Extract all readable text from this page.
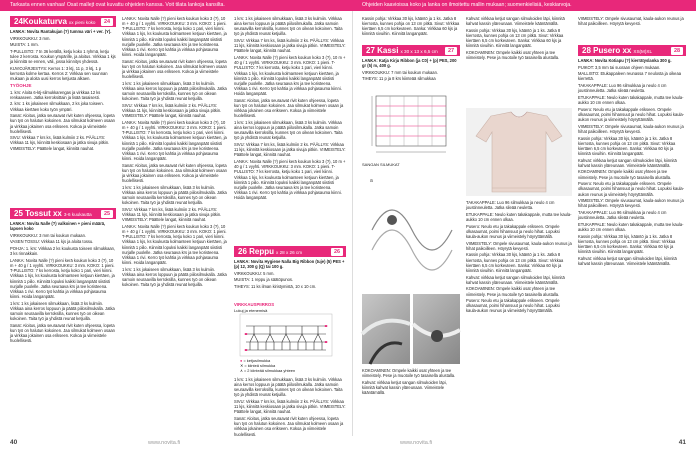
Tarkasta ennen vanhaa! Osat mallejt ovat kuvattu ohjeiden kanssa. Voit tilata lankoja kansilta.	Ohjeiden kaavioissa koko ja lanka on ilmoitettu mallin mukaan; suomenkielisiä, keskiarvoja.
24Koukaturva xx pieni koko	24

LANKA: Novita Rantakujan (?) tumma väri + ver. (Y).

VIRKKOUKKU: 3 mm.

MUISTA: 1 mm.

T-PULLISTO: 7 tn 36 kerällä, ketju koko 1 ryhmä, ketju tulee 2 kerrosta. Koukun ympärille, ja aloitus. Virkkaa 1 kjs ja kiinnitä se ennen, väli, jossa kiinnitys yhdessä.

KUVIOJÄRJESTYS: Kerros 1: 3 ktj, 11 p, 3 ktj, 1 p kerrosta kolme kertaa. Kerros 2: Virkkaa sen suunnan mukaan ja aloita uusi kerros ketjusta alkaen.

TYÖOHJE

1. krs: Aloita 6-ktj-silmukkarengas ja virkkaa 12 ks renkaaseen. Jatka kerroksittain ja lisää tasaisesti.

2. krs: 1 ks jokaiseen silmukkaan, 2 ks joka toiseen. Virkkaa kiertäen koko työn ympäri.

Sanat: Aloitus, jatka seuraavat rivit kuten ohjeessa, lopeta kun työ on halutun kokoinen. Jaa silmukat kolmeen osaan ja virkkaa jokainen osa erikseen. Kokoa ja viimeistele huolellisesti.

SIVU: Virkkaa 7 krs ks, lisää kulmiin 2 ks. PÄÄLLYS: Virkkaa 11 kjs, kiinnitä keskiosaan ja jatka sivuja pitkin. VIIMEISTELY: Päättele langat, kiinnitä nauhat.

25 Tossut xx 3-6 kuukautta	25

LANKA: Novita Nalle (?) valkoinen + pieni määrä, lapsen koko

VIRKKOUKKU: 3 mm tai koukun mukaan.

VASEN TOSSU: Virkkaa 11 kjs ja aloita tossu.

POHJA: 1. krs: Virkkaa 2 ks koukusta toiseen silmukkaan, 3 ks rinnakkain.

LANKA: Novita Nalle (?) pieni kerä koukun koko 3 (?), 10 m + 40 g / 1 vyyhti. VIRKKOUKKU: 3 mm. KOKO: 1 pieni. T-PULLISTO: 7 ks kerrosta, ketju koko 1 pari, vieri kiinni. Virkkaa 1 kjs, ks koukusta kolmanteen ketjuun kiertäen, ja kiinnitä 1 piilo. Kiinnitä lopuksi kaikki langanpäät siististi nurjalle puolelle. Jatka seuraava krs ja tee koristeena. Virkkaa 1 rivi. Kerro työ kahtia ja virkkaa pohjasauma kiinni. Hoida langanpäät.

1 krs: 1 ks jokaiseen silmukkaan, lisää 3 ks kulmiin. Virkkaa aina kerros loppuun ja päätä piilosilmukalla. Jatka samoin seuraavilla kerroksilla, kunnes työ on oikean kokoinen. Taita työ ja yhdistä reunat ketjuilla.

Sanat: Aloitus, jatka seuraavat rivit kuten ohjeessa, lopeta kun työ on halutun kokoinen. Jaa silmukat kolmeen osaan ja virkkaa jokainen osa erikseen. Kokoa ja viimeistele huolellisesti.

LANKA: Novita Nalle (?) pieni kerä koukun koko 3 (?), 10 m + 40 g / 1 vyyhti. VIRKKOUKKU: 3 mm. KOKO: 1 pieni. T-PULLISTO: 7 ks kerrosta, ketju koko 1 pari, vieri kiinni. Virkkaa 1 kjs, ks koukusta kolmanteen ketjuun kiertäen, ja kiinnitä 1 piilo. Kiinnitä lopuksi kaikki langanpäät siististi nurjalle puolelle. Jatka seuraava krs ja tee koristeena. Virkkaa 1 rivi. Kerro työ kahtia ja virkkaa pohjasauma kiinni. Hoida langanpäät.

Sanat: Aloitus, jatka seuraavat rivit kuten ohjeessa, lopeta kun työ on halutun kokoinen. Jaa silmukat kolmeen osaan ja virkkaa jokainen osa erikseen. Kokoa ja viimeistele huolellisesti.

1 krs: 1 ks jokaiseen silmukkaan, lisää 3 ks kulmiin. Virkkaa aina kerros loppuun ja päätä piilosilmukalla. Jatka samoin seuraavilla kerroksilla, kunnes työ on oikean kokoinen. Taita työ ja yhdistä reunat ketjuilla.

SIVU: Virkkaa 7 krs ks, lisää kulmiin 2 ks. PÄÄLLYS: Virkkaa 11 kjs, kiinnitä keskiosaan ja jatka sivuja pitkin. VIIMEISTELY: Päättele langat, kiinnitä nauhat.

LANKA: Novita Nalle (?) pieni kerä koukun koko 3 (?), 10 m + 40 g / 1 vyyhti. VIRKKOUKKU: 3 mm. KOKO: 1 pieni. T-PULLISTO: 7 ks kerrosta, ketju koko 1 pari, vieri kiinni. Virkkaa 1 kjs, ks koukusta kolmanteen ketjuun kiertäen, ja kiinnitä 1 piilo. Kiinnitä lopuksi kaikki langanpäät siististi nurjalle puolelle. Jatka seuraava krs ja tee koristeena. Virkkaa 1 rivi. Kerro työ kahtia ja virkkaa pohjasauma kiinni. Hoida langanpäät.

Sanat: Aloitus, jatka seuraavat rivit kuten ohjeessa, lopeta kun työ on halutun kokoinen. Jaa silmukat kolmeen osaan ja virkkaa jokainen osa erikseen. Kokoa ja viimeistele huolellisesti.

1 krs: 1 ks jokaiseen silmukkaan, lisää 3 ks kulmiin. Virkkaa aina kerros loppuun ja päätä piilosilmukalla. Jatka samoin seuraavilla kerroksilla, kunnes työ on oikean kokoinen. Taita työ ja yhdistä reunat ketjuilla.

SIVU: Virkkaa 7 krs ks, lisää kulmiin 2 ks. PÄÄLLYS: Virkkaa 11 kjs, kiinnitä keskiosaan ja jatka sivuja pitkin. VIIMEISTELY: Päättele langat, kiinnitä nauhat.

LANKA: Novita Nalle (?) pieni kerä koukun koko 3 (?), 10 m + 40 g / 1 vyyhti. VIRKKOUKKU: 3 mm. KOKO: 1 pieni. T-PULLISTO: 7 ks kerrosta, ketju koko 1 pari, vieri kiinni. Virkkaa 1 kjs, ks koukusta kolmanteen ketjuun kiertäen, ja kiinnitä 1 piilo. Kiinnitä lopuksi kaikki langanpäät siististi nurjalle puolelle. Jatka seuraava krs ja tee koristeena. Virkkaa 1 rivi. Kerro työ kahtia ja virkkaa pohjasauma kiinni. Hoida langanpäät.

1 krs: 1 ks jokaiseen silmukkaan, lisää 3 ks kulmiin. Virkkaa aina kerros loppuun ja päätä piilosilmukalla. Jatka samoin seuraavilla kerroksilla, kunnes työ on oikean kokoinen. Taita työ ja yhdistä reunat ketjuilla.

1 krs: 1 ks jokaiseen silmukkaan, lisää 3 ks kulmiin. Virkkaa aina kerros loppuun ja päätä piilosilmukalla. Jatka samoin seuraavilla kerroksilla, kunnes työ on oikean kokoinen. Taita työ ja yhdistä reunat ketjuilla.

SIVU: Virkkaa 7 krs ks, lisää kulmiin 2 ks. PÄÄLLYS: Virkkaa 11 kjs, kiinnitä keskiosaan ja jatka sivuja pitkin. VIIMEISTELY: Päättele langat, kiinnitä nauhat.

LANKA: Novita Nalle (?) pieni kerä koukun koko 3 (?), 10 m + 40 g / 1 vyyhti. VIRKKOUKKU: 3 mm. KOKO: 1 pieni. T-PULLISTO: 7 ks kerrosta, ketju koko 1 pari, vieri kiinni. Virkkaa 1 kjs, ks koukusta kolmanteen ketjuun kiertäen, ja kiinnitä 1 piilo. Kiinnitä lopuksi kaikki langanpäät siististi nurjalle puolelle. Jatka seuraava krs ja tee koristeena. Virkkaa 1 rivi. Kerro työ kahtia ja virkkaa pohjasauma kiinni. Hoida langanpäät.

Sanat: Aloitus, jatka seuraavat rivit kuten ohjeessa, lopeta kun työ on halutun kokoinen. Jaa silmukat kolmeen osaan ja virkkaa jokainen osa erikseen. Kokoa ja viimeistele huolellisesti.

1 krs: 1 ks jokaiseen silmukkaan, lisää 3 ks kulmiin. Virkkaa aina kerros loppuun ja päätä piilosilmukalla. Jatka samoin seuraavilla kerroksilla, kunnes työ on oikean kokoinen. Taita työ ja yhdistä reunat ketjuilla.

SIVU: Virkkaa 7 krs ks, lisää kulmiin 2 ks. PÄÄLLYS: Virkkaa 11 kjs, kiinnitä keskiosaan ja jatka sivuja pitkin. VIIMEISTELY: Päättele langat, kiinnitä nauhat.

LANKA: Novita Nalle (?) pieni kerä koukun koko 3 (?), 10 m + 40 g / 1 vyyhti. VIRKKOUKKU: 3 mm. KOKO: 1 pieni. T-PULLISTO: 7 ks kerrosta, ketju koko 1 pari, vieri kiinni. Virkkaa 1 kjs, ks koukusta kolmanteen ketjuun kiertäen, ja kiinnitä 1 piilo. Kiinnitä lopuksi kaikki langanpäät siististi nurjalle puolelle. Jatka seuraava krs ja tee koristeena. Virkkaa 1 rivi. Kerro työ kahtia ja virkkaa pohjasauma kiinni. Hoida langanpäät.

26 Reppu x 28 x 26 cm	26

LANKA: Novita Hygiene Nalla Big Ribbon (tuje) (5) PES + (p) 12, 300 g (Q) tai 100 g.

VIRKKOUKKU: 5 mm.

MUISTA: 1 reppu ja säätöpunos.

TIHEYS: 11 ks ilman kiristymistä, 10 x 10 cm.

VIRKKAUSPIIRROS
Lukuj ja etenemisä
● = ketjusilmukka
✕ = kiinteä silmukka
∧ = 2 kiinteää silmukkaa yhteen

1 krs: 1 ks jokaiseen silmukkaan, lisää 3 ks kulmiin. Virkkaa aina kerros loppuun ja päätä piilosilmukalla. Jatka samoin seuraavilla kerroksilla, kunnes työ on oikean kokoinen. Taita työ ja yhdistä reunat ketjuilla.

SIVU: Virkkaa 7 krs ks, lisää kulmiin 2 ks. PÄÄLLYS: Virkkaa 11 kjs, kiinnitä keskiosaan ja jatka sivuja pitkin. VIIMEISTELY: Päättele langat, kiinnitä nauhat.

Sanat: Aloitus, jatka seuraavat rivit kuten ohjeessa, lopeta kun työ on halutun kokoinen. Jaa silmukat kolmeen osaan ja virkkaa jokainen osa erikseen. Kokoa ja viimeistele huolellisesti.

Kassin pohja: Virkkaa 30 kjs, kääntö ja 1 ks. Jatka 8 kierrosta, kunnes pohja on 13 cm pitkä. Sivut: Virkkaa kiertäen 6,5 cm korkeuteen. Sanka: Virkkaa 60 kjs ja kiinnitä sivuihin. Kiinnitä langanpäät.

27 Kassi x 30 x 13 x 6,5 cm	27

LANKA: Katja Kirju Ribbon (ja C0) + (p) PES, 200 gr (5) m, 400 g.

VIRKKOUKKU: 7 mm tai koukun mukaan.

TIHEYS: 11 p ja 8 krs kiinteää silmukkaa

SANGAN SILMUKAT
a

KOKOAMINEN: Ompele kaikki osat yhteen ja tee viimeistely. Pese ja muotoile työ tasaisella alustalla.

Kahvat: virkkaa ketjut sangan silmukoiden läpi, kiinnitä kahvat kassin yläreunaan. Viimeistele kääntämällä.

Kahvat: virkkaa ketjut sangan silmukoiden läpi, kiinnitä kahvat kassin yläreunaan. Viimeistele kääntämällä.

Kassin pohja: Virkkaa 30 kjs, kääntö ja 1 ks. Jatka 8 kierrosta, kunnes pohja on 13 cm pitkä. Sivut: Virkkaa kiertäen 6,5 cm korkeuteen. Sanka: Virkkaa 60 kjs ja kiinnitä sivuihin. Kiinnitä langanpäät.

KOKOAMINEN: Ompele kaikki osat yhteen ja tee viimeistely. Pese ja muotoile työ tasaisella alustalla.

TAKAKAPPALE: Luo 96 silmukkaa ja neulo 4 cm joustinneuletta. Jatka sileää neuletta.

ETUKAPPALE: Neulo kuten takakappale, mutta tee kaula-aukko 10 cm ennen olkaa.

Pusero: Neulo etu ja takakappale erikseen. Ompele olkasaumat, poimi hihansuut ja neulo hihat. Lopuksi kaula-aukon reunus ja viimeistely höyryttämällä.

VIIMEISTELY: Ompele sivusaumat, kaula-aukon reunus ja hihat paikoilleen. Höyrytä kevyesti.

Kassin pohja: Virkkaa 30 kjs, kääntö ja 1 ks. Jatka 8 kierrosta, kunnes pohja on 13 cm pitkä. Sivut: Virkkaa kiertäen 6,5 cm korkeuteen. Sanka: Virkkaa 60 kjs ja kiinnitä sivuihin. Kiinnitä langanpäät.

Kahvat: virkkaa ketjut sangan silmukoiden läpi, kiinnitä kahvat kassin yläreunaan. Viimeistele kääntämällä.

KOKOAMINEN: Ompele kaikki osat yhteen ja tee viimeistely. Pese ja muotoile työ tasaisella alustalla.

Pusero: Neulo etu ja takakappale erikseen. Ompele olkasaumat, poimi hihansuut ja neulo hihat. Lopuksi kaula-aukon reunus ja viimeistely höyryttämällä.

28 Pusero xx XS(M)XL	28

VIIMEISTELY: Ompele sivusaumat, kaula-aukon reunus ja hihat paikoilleen. Höyrytä kevyesti.

LANKA: Novita Kotiapu (?) kierrätyslanka 300 g.

PUIKOT: 3,5 mm tai suoraan ohjeen mukaan.

MALLISTO: Etukappaleen reunassa 7 neulosta ja oikeaa kierrettä.

TAKAKAPPALE: Luo 96 silmukkaa ja neulo 4 cm joustinneuletta. Jatka sileää neuletta.

ETUKAPPALE: Neulo kuten takakappale, mutta tee kaula-aukko 10 cm ennen olkaa.

Pusero: Neulo etu ja takakappale erikseen. Ompele olkasaumat, poimi hihansuut ja neulo hihat. Lopuksi kaula-aukon reunus ja viimeistely höyryttämällä.

VIIMEISTELY: Ompele sivusaumat, kaula-aukon reunus ja hihat paikoilleen. Höyrytä kevyesti.

Kassin pohja: Virkkaa 30 kjs, kääntö ja 1 ks. Jatka 8 kierrosta, kunnes pohja on 13 cm pitkä. Sivut: Virkkaa kiertäen 6,5 cm korkeuteen. Sanka: Virkkaa 60 kjs ja kiinnitä sivuihin. Kiinnitä langanpäät.

Kahvat: virkkaa ketjut sangan silmukoiden läpi, kiinnitä kahvat kassin yläreunaan. Viimeistele kääntämällä.

KOKOAMINEN: Ompele kaikki osat yhteen ja tee viimeistely. Pese ja muotoile työ tasaisella alustalla.

Pusero: Neulo etu ja takakappale erikseen. Ompele olkasaumat, poimi hihansuut ja neulo hihat. Lopuksi kaula-aukon reunus ja viimeistely höyryttämällä.

VIIMEISTELY: Ompele sivusaumat, kaula-aukon reunus ja hihat paikoilleen. Höyrytä kevyesti.

TAKAKAPPALE: Luo 96 silmukkaa ja neulo 4 cm joustinneuletta. Jatka sileää neuletta.

ETUKAPPALE: Neulo kuten takakappale, mutta tee kaula-aukko 10 cm ennen olkaa.

Kassin pohja: Virkkaa 30 kjs, kääntö ja 1 ks. Jatka 8 kierrosta, kunnes pohja on 13 cm pitkä. Sivut: Virkkaa kiertäen 6,5 cm korkeuteen. Sanka: Virkkaa 60 kjs ja kiinnitä sivuihin. Kiinnitä langanpäät.

Kahvat: virkkaa ketjut sangan silmukoiden läpi, kiinnitä kahvat kassin yläreunaan. Viimeistele kääntämällä.

40	www.novita.fi	www.novita.fi	41
